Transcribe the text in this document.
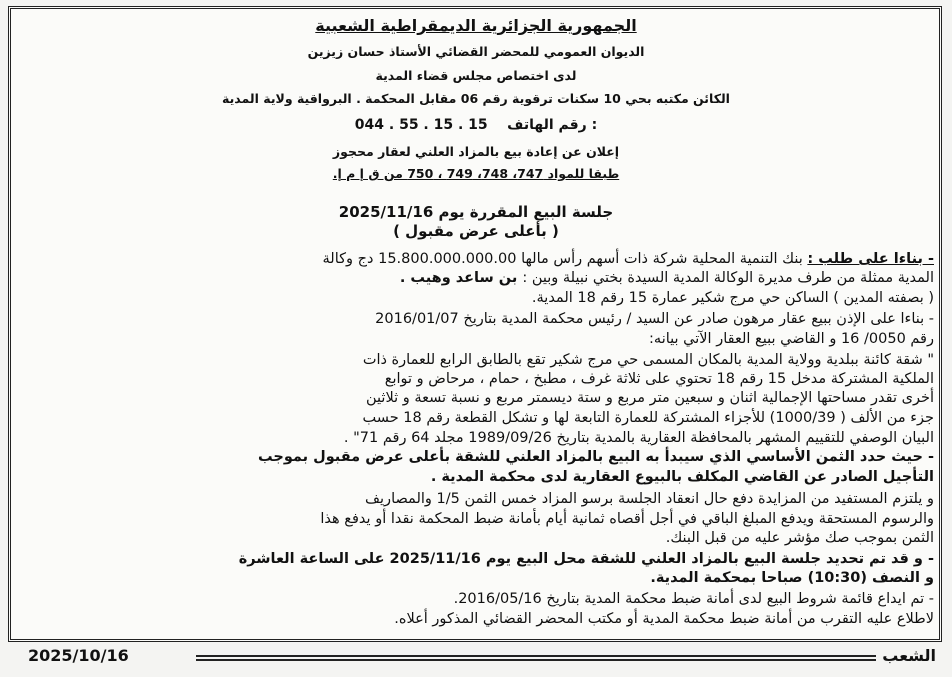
الجمهورية الجزائرية الديمقراطية الشعبية
الديوان العمومي للمحضر القضائي الأستاذ حسان زيزين
لدى اختصاص مجلس قضاء المدية
الكائن مكتبه بحي 10 سكنات ترقوية رقم 06 مقابل المحكمة . البرواقية ولاية المدية
044 . 55 . 15 . 15 رقم الهاتف :
إعلان عن إعادة بيع بالمزاد العلني لعقار محجوز
طبقا للمواد 747، 748، 749 ، 750 من ق إ م إ.
جلسة البيع المقررة يوم 2025/11/16
( بأعلى عرض مقبول )
- بناءا على طلب : بنك التنمية المحلية شركة ذات أسهم رأس مالها 15.800.000.000.00 دج وكالة
المدية ممثلة من طرف مديرة الوكالة المدية السيدة بختي نبيلة وبين : بن ساعد وهيب .
( بصفته المدين ) الساكن حي مرج شكير عمارة 15 رقم 18 المدية.
- بناءا على الإذن ببيع عقار مرهون صادر عن السيد / رئيس محكمة المدية بتاريخ 2016/01/07
رقم 0050/ 16 و القاضي ببيع العقار الآتي بيانه:
" شقة كائنة ببلدية وولاية المدية بالمكان المسمى حي مرج شكير تقع بالطابق الرابع للعمارة ذات
الملكية المشتركة مدخل 15 رقم 18 تحتوي على ثلاثة غرف ، مطبخ ، حمام ، مرحاض و توابع
أخرى تقدر مساحتها الإجمالية اثنان و سبعين متر مربع و ستة ديسمتر مربع و نسبة تسعة و ثلاثين
جزء من الألف ( 1000/39) للأجزاء المشتركة للعمارة التابعة لها و تشكل القطعة رقم 18 حسب
البيان الوصفي للتقييم المشهر بالمحافظة العقارية بالمدية بتاريخ 1989/09/26 مجلد 64 رقم 71" .
- حيث حدد الثمن الأساسي الذي سيبدأ به البيع بالمزاد العلني للشقة بأعلى عرض مقبول بموجب
التأجيل الصادر عن القاضي المكلف بالبيوع العقارية لدى محكمة المدية .
و يلتزم المستفيد من المزايدة دفع حال انعقاد الجلسة برسو المزاد خمس الثمن 1/5 والمصاريف
والرسوم المستحقة ويدفع المبلغ الباقي في أجل أقصاه ثمانية أيام بأمانة ضبط المحكمة نقدا أو يدفع هذا
الثمن بموجب صك مؤشر عليه من قبل البنك.
- و قد تم تحديد جلسة البيع بالمزاد العلني للشقة محل البيع يوم 2025/11/16 على الساعة العاشرة
و النصف (10:30) صباحا بمحكمة المدية.
- تم ايداع قائمة شروط البيع لدى أمانة ضبط محكمة المدية بتاريخ 2016/05/16.
لاطلاع عليه التقرب من أمانة ضبط محكمة المدية أو مكتب المحضر القضائي المذكور أعلاه.
الشعب
2025/10/16
